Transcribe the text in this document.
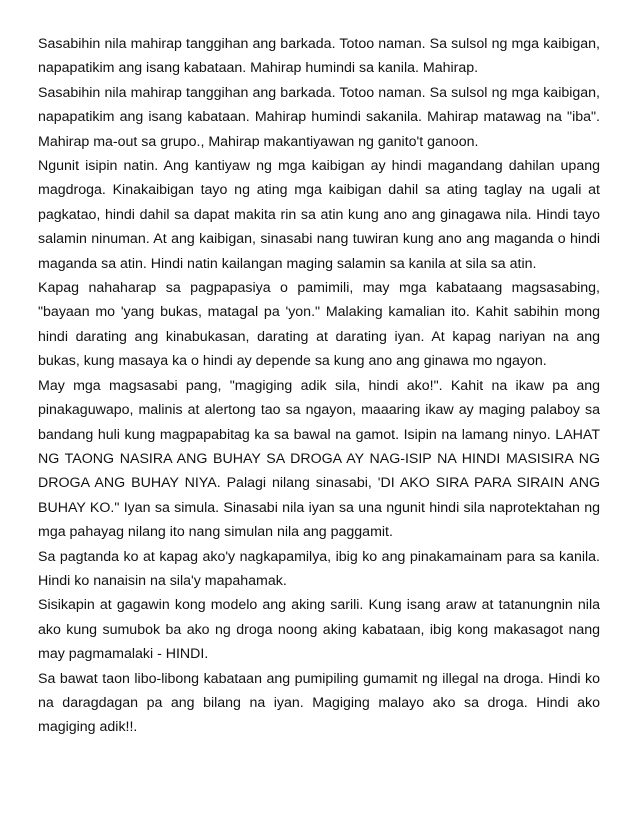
Sasabihin nila mahirap tanggihan ang barkada. Totoo naman. Sa sulsol ng mga kaibigan, napapatikim ang isang kabataan. Mahirap humindi sa kanila. Mahirap.

Sasabihin nila mahirap tanggihan ang barkada. Totoo naman. Sa sulsol ng mga kaibigan, napapatikim ang isang kabataan. Mahirap humindi sakanila. Mahirap matawag na "iba". Mahirap ma-out sa grupo., Mahirap makantiyawan ng ganito't ganoon.

Ngunit isipin natin. Ang kantiyaw ng mga kaibigan ay hindi magandang dahilan upang magdroga. Kinakaibigan tayo ng ating mga kaibigan dahil sa ating taglay na ugali at pagkatao, hindi dahil sa dapat makita rin sa atin kung ano ang ginagawa nila. Hindi tayo salamin ninuman. At ang kaibigan, sinasabi nang tuwiran kung ano ang maganda o hindi maganda sa atin. Hindi natin kailangan maging salamin sa kanila at sila sa atin.

Kapag nahaharap sa pagpapasiya o pamimili, may mga kabataang magsasabing, "bayaan mo 'yang bukas, matagal pa 'yon." Malaking kamalian ito. Kahit sabihin mong hindi darating ang kinabukasan, darating at darating iyan. At kapag nariyan na ang bukas, kung masaya ka o hindi ay depende sa kung ano ang ginawa mo ngayon.

May mga magsasabi pang, "magiging adik sila, hindi ako!". Kahit na ikaw pa ang pinakaguwapo, malinis at alertong tao sa ngayon, maaaring ikaw ay maging palaboy sa bandang huli kung magpapabitag ka sa bawal na gamot. Isipin na lamang ninyo. LAHAT NG TAONG NASIRA ANG BUHAY SA DROGA AY NAG-ISIP NA HINDI MASISIRA NG DROGA ANG BUHAY NIYA. Palagi nilang sinasabi, 'DI AKO SIRA PARA SIRAIN ANG BUHAY KO." Iyan sa simula. Sinasabi nila iyan sa una ngunit hindi sila naprotektahan ng mga pahayag nilang ito nang simulan nila ang paggamit.

Sa pagtanda ko at kapag ako'y nagkapamilya, ibig ko ang pinakamainam para sa kanila. Hindi ko nanaisin na sila'y mapahamak.

Sisikapin at gagawin kong modelo ang aking sarili. Kung isang araw at tatanungnin nila ako kung sumubok ba ako ng droga noong aking kabataan, ibig kong makasagot nang may pagmamalaki - HINDI.

Sa bawat taon libo-libong kabataan ang pumipiling gumamit ng illegal na droga. Hindi ko na daragdagan pa ang bilang na iyan. Magiging malayo ako sa droga. Hindi ako magiging adik!!.
